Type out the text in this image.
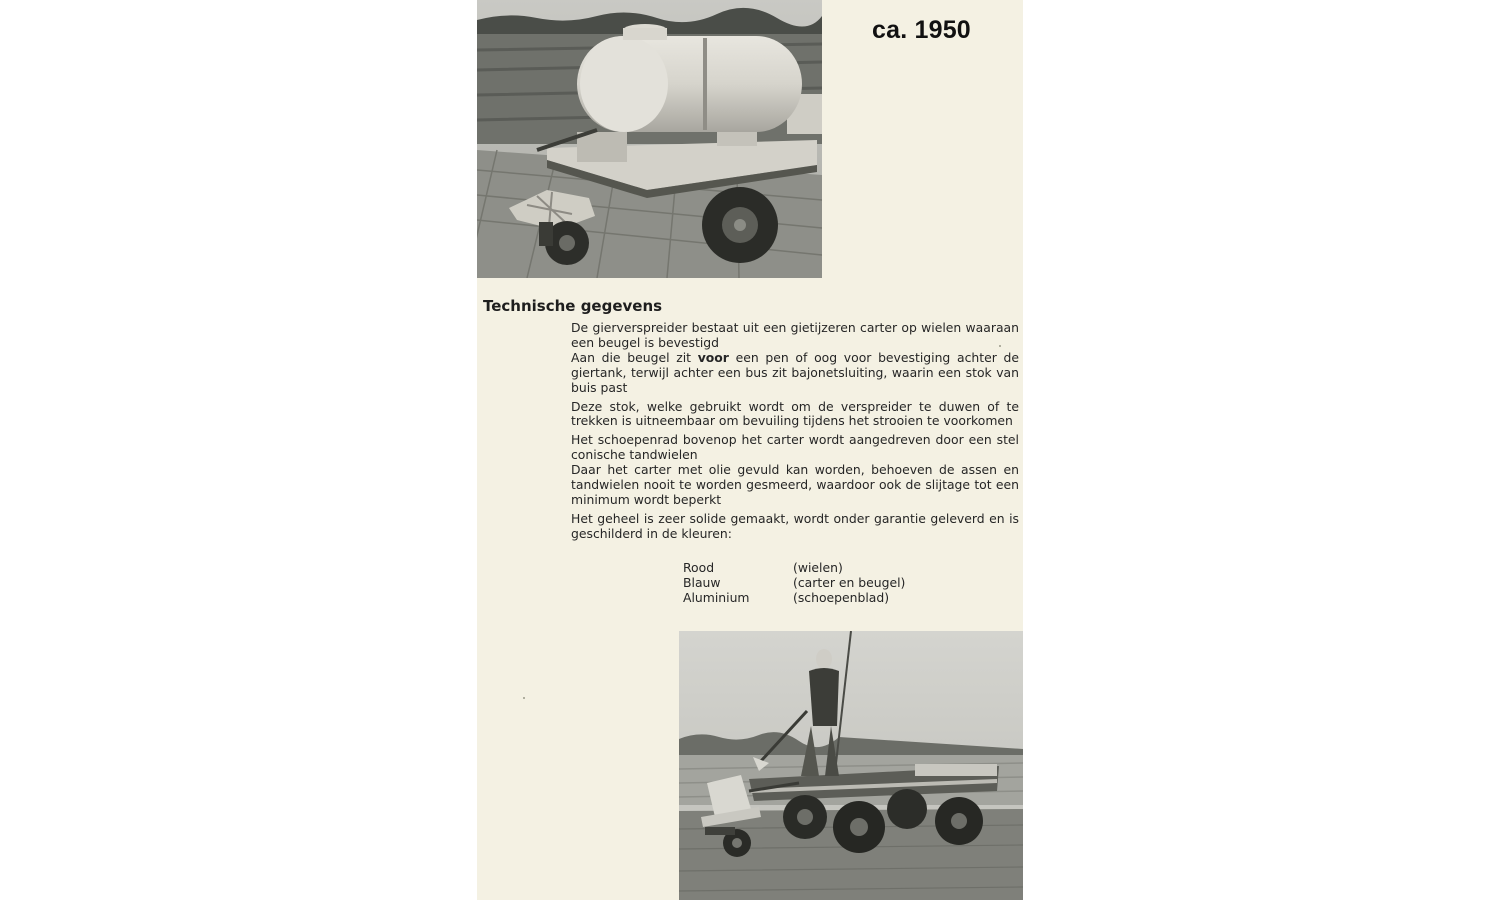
ca. 1950
Technische gegevens

De gierverspreider bestaat uit een gietijzeren carter op wielen waaraan een beugel is bevestigd

Aan die beugel zit voor een pen of oog voor bevestiging achter de giertank, terwijl achter een bus zit bajonetsluiting, waarin een stok van buis past

Deze stok, welke gebruikt wordt om de verspreider te duwen of te trekken is uitneembaar om bevuiling tijdens het strooien te voorkomen

Het schoepenrad bovenop het carter wordt aangedreven door een stel conische tandwielen

Daar het carter met olie gevuld kan worden, behoeven de assen en tandwielen nooit te worden gesmeerd, waardoor ook de slijtage tot een minimum wordt beperkt

Het geheel is zeer solide gemaakt, wordt onder garantie geleverd en is geschilderd in de kleuren:

Rood	(wielen)
Blauw	(carter en beugel)
Aluminium	(schoepenblad)
